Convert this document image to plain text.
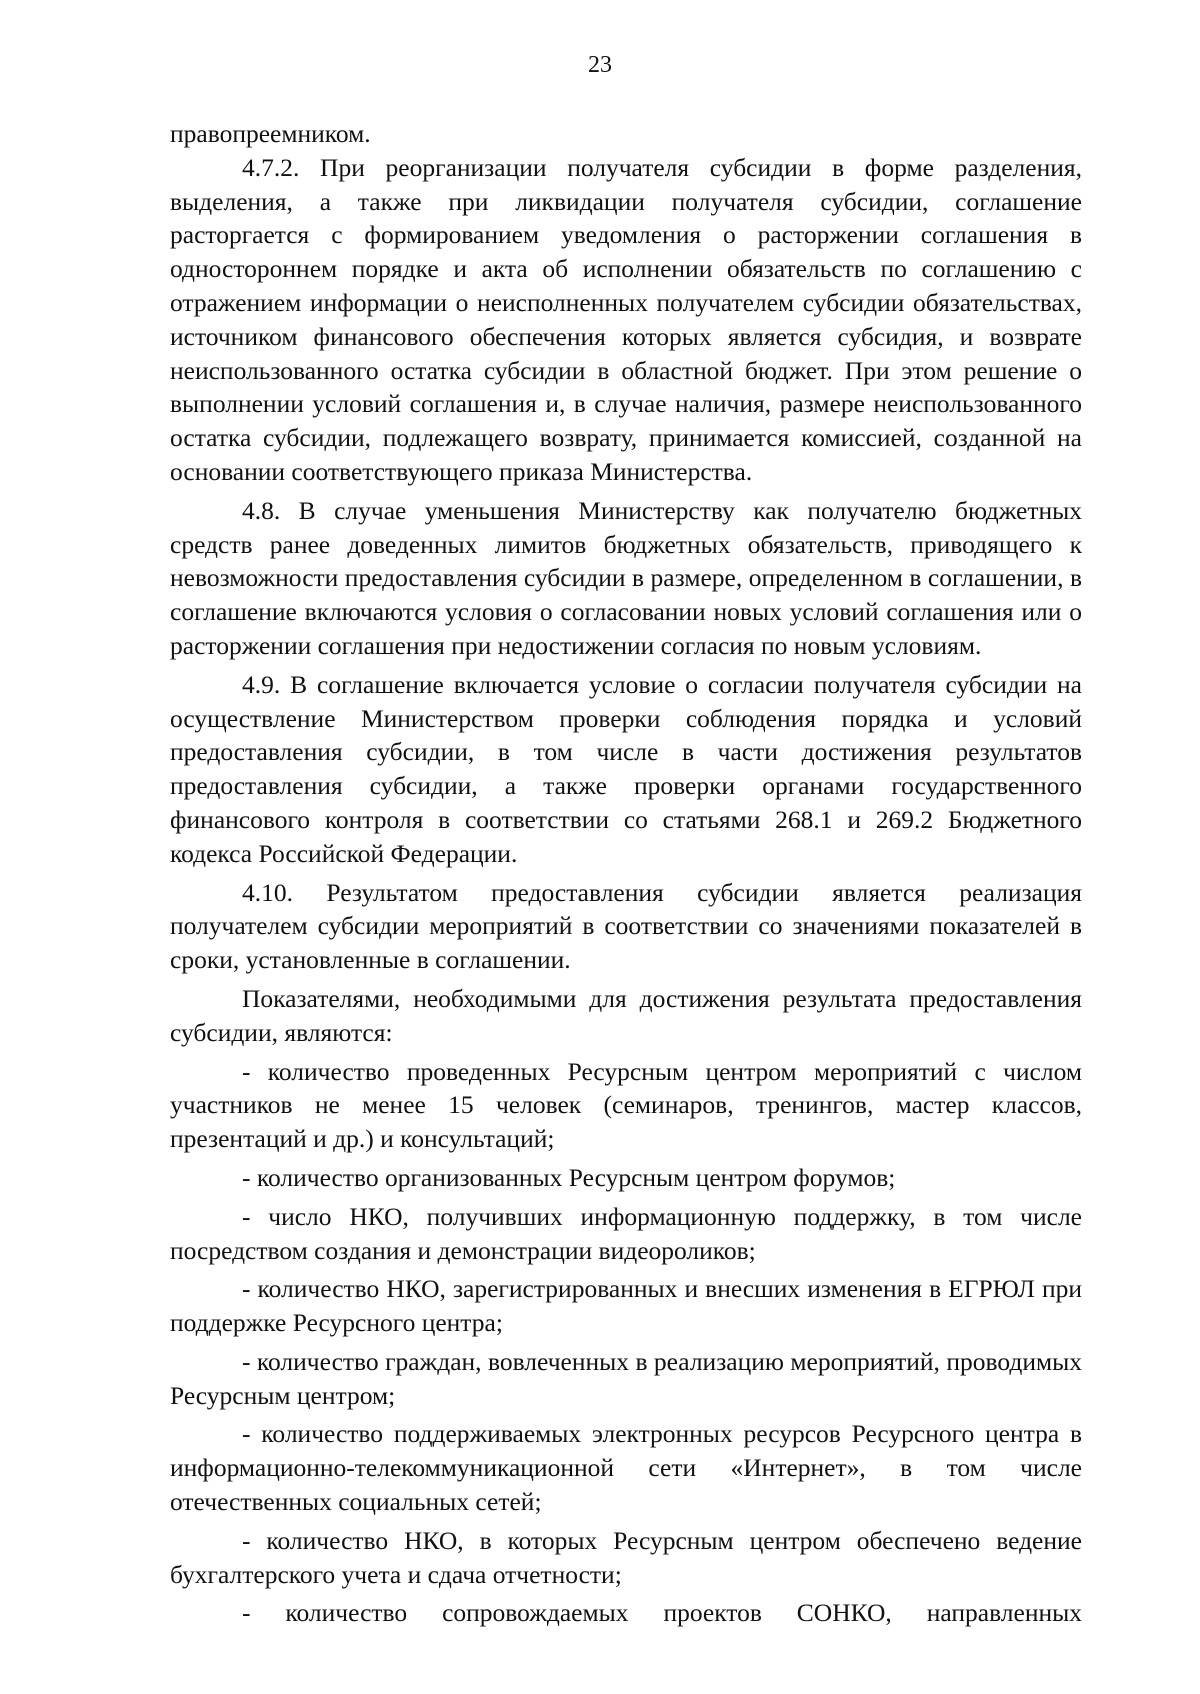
23

правопреемником.

4.7.2. При реорганизации получателя субсидии в форме разделения, выделения, а также при ликвидации получателя субсидии, соглашение расторгается с формированием уведомления о расторжении соглашения в одностороннем порядке и акта об исполнении обязательств по соглашению с отражением информации о неисполненных получателем субсидии обязательствах, источником финансового обеспечения которых является субсидия, и возврате неиспользованного остатка субсидии в областной бюджет. При этом решение о выполнении условий соглашения и, в случае наличия, размере неиспользованного остатка субсидии, подлежащего возврату, принимается комиссией, созданной на основании соответствующего приказа Министерства.

4.8. В случае уменьшения Министерству как получателю бюджетных средств ранее доведенных лимитов бюджетных обязательств, приводящего к невозможности предоставления субсидии в размере, определенном в соглашении, в соглашение включаются условия о согласовании новых условий соглашения или о расторжении соглашения при недостижении согласия по новым условиям.

4.9. В соглашение включается условие о согласии получателя субсидии на осуществление Министерством проверки соблюдения порядка и условий предоставления субсидии, в том числе в части достижения результатов предоставления субсидии, а также проверки органами государственного финансового контроля в соответствии со статьями 268.1 и 269.2 Бюджетного кодекса Российской Федерации.

4.10. Результатом предоставления субсидии является реализация получателем субсидии мероприятий в соответствии со значениями показателей в сроки, установленные в соглашении.

Показателями, необходимыми для достижения результата предоставления субсидии, являются:

- количество проведенных Ресурсным центром мероприятий с числом участников не менее 15 человек (семинаров, тренингов, мастер классов, презентаций и др.) и консультаций;

- количество организованных Ресурсным центром форумов;

- число НКО, получивших информационную поддержку, в том числе посредством создания и демонстрации видеороликов;

- количество НКО, зарегистрированных и внесших изменения в ЕГРЮЛ при поддержке Ресурсного центра;

- количество граждан, вовлеченных в реализацию мероприятий, проводимых Ресурсным центром;

- количество поддерживаемых электронных ресурсов Ресурсного центра в информационно-телекоммуникационной сети «Интернет», в том числе отечественных социальных сетей;

- количество НКО, в которых Ресурсным центром обеспечено ведение бухгалтерского учета и сдача отчетности;

- количество сопровождаемых проектов СОНКО, направленных
